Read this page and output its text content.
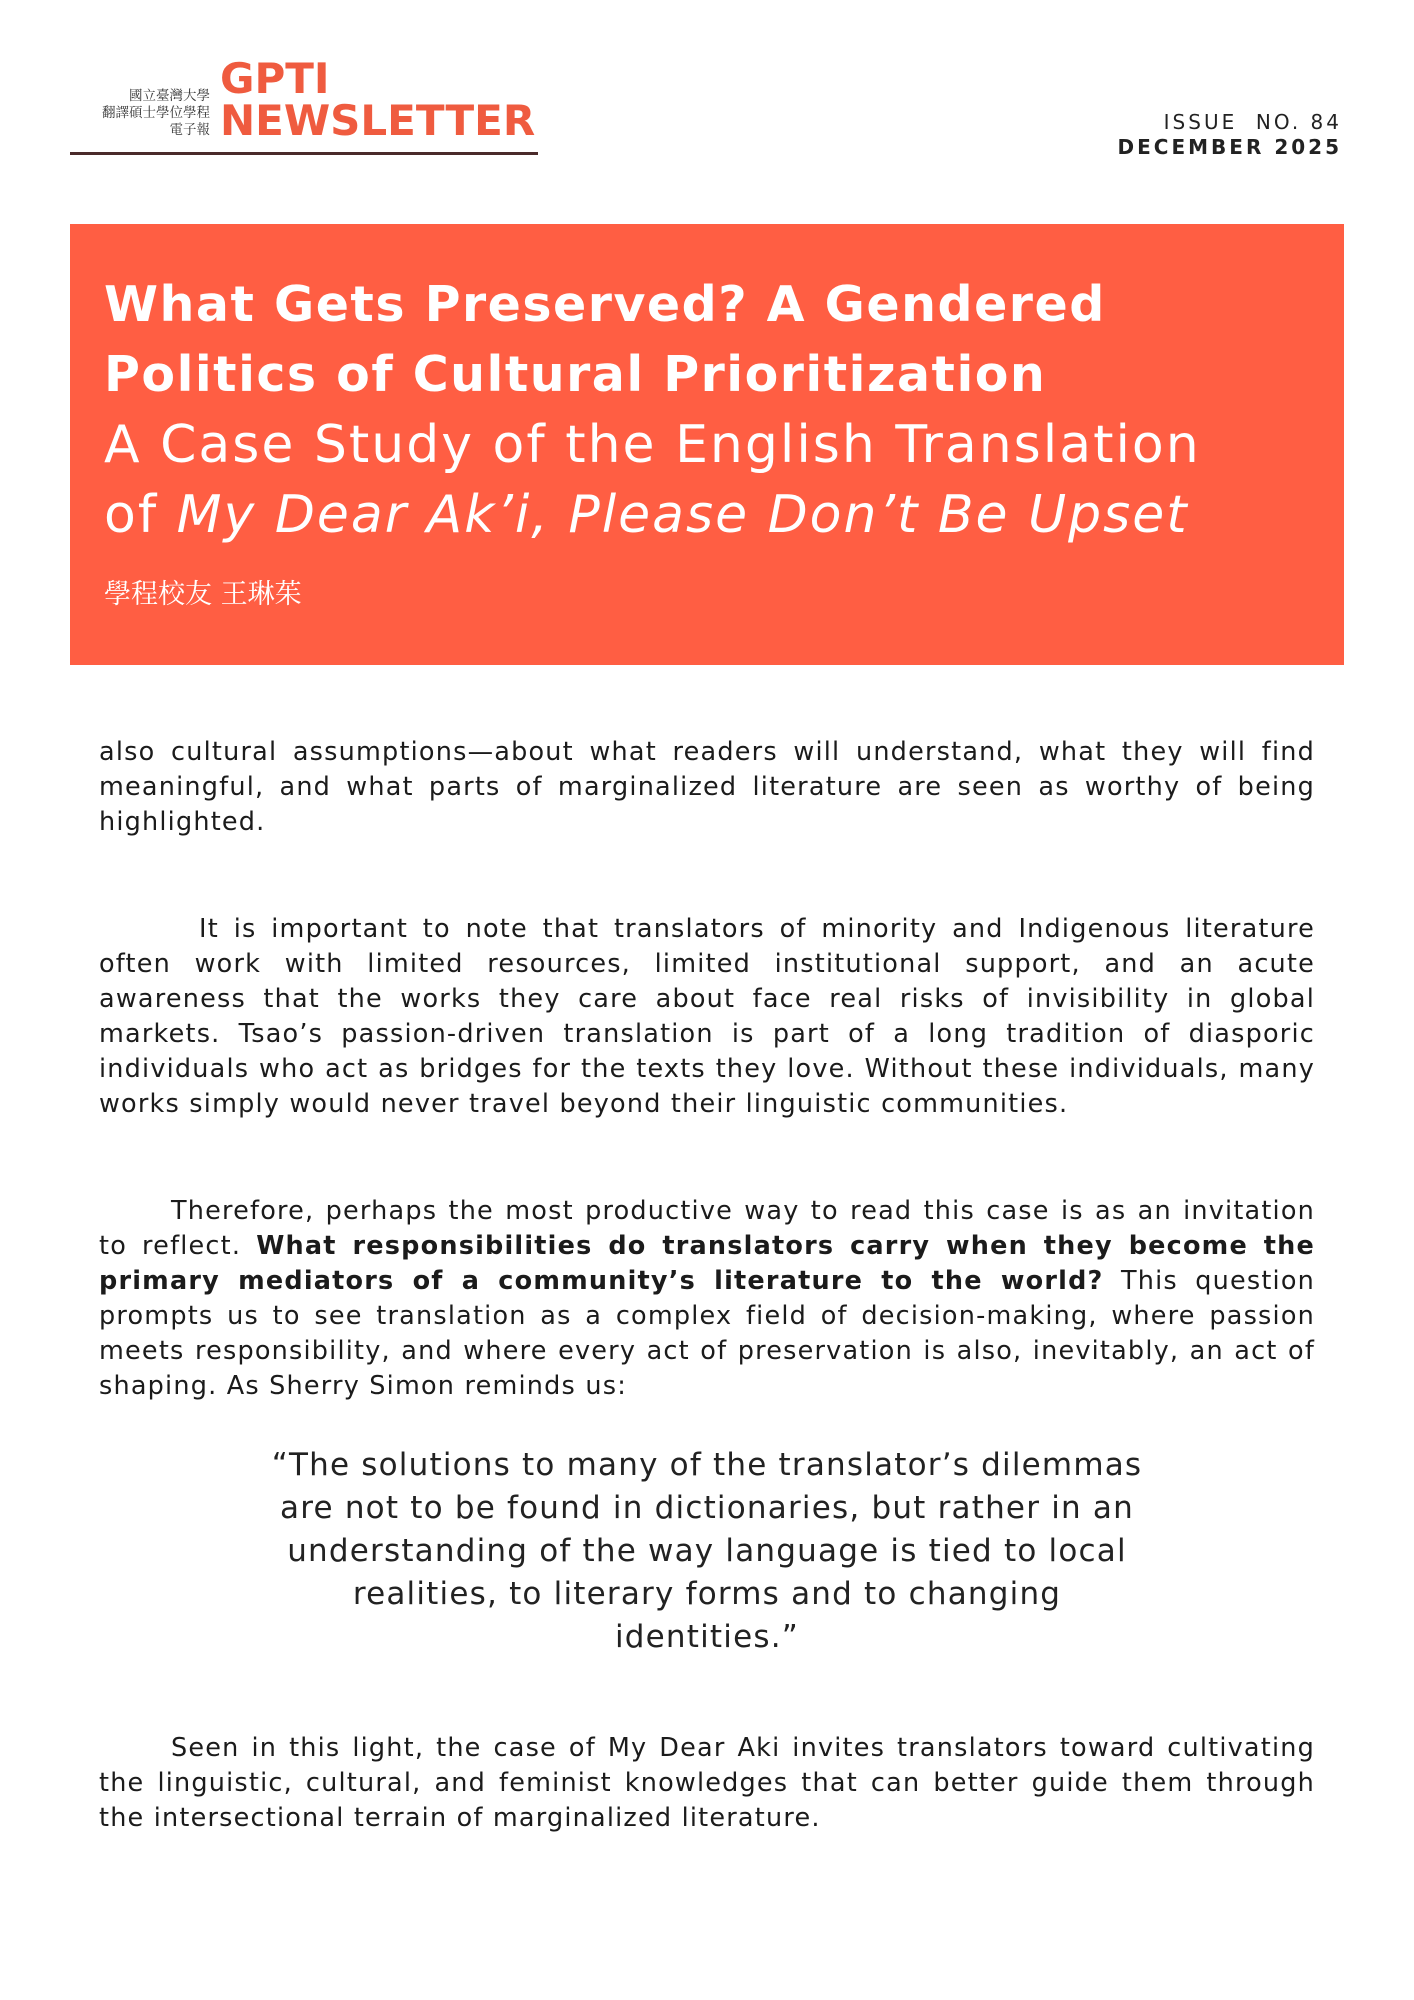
國立臺灣大學
翻譯碩士學位學程
電子報
GPTI
NEWSLETTER	ISSUE  NO. 84
DECEMBER 2025
What Gets Preserved? A Gendered
Politics of Cultural Prioritization
A Case Study of the English Translation
of My Dear Ak’i, Please Don’t Be Upset
學程校友 王琳茱

also cultural assumptions—about what readers will understand, what they will find meaningful, and what parts of marginalized literature are seen as worthy of being highlighted.

It is important to note that translators of minority and Indigenous literature often work with limited resources, limited institutional support, and an acute awareness that the works they care about face real risks of invisibility in global markets. Tsao’s passion-driven translation is part of a long tradition of diasporic individuals who act as bridges for the texts they love. Without these individuals, many works simply would never travel beyond their linguistic communities.

Therefore, perhaps the most productive way to read this case is as an invitation to reflect. What responsibilities do translators carry when they become the primary mediators of a community’s literature to the world? This question prompts us to see translation as a complex field of decision-making, where passion meets responsibility, and where every act of preservation is also, inevitably, an act of shaping. As Sherry Simon reminds us:

“The solutions to many of the translator’s dilemmas are not to be found in dictionaries, but rather in an understanding of the way language is tied to local realities, to literary forms and to changing identities.”

Seen in this light, the case of My Dear Aki invites translators toward cultivating the linguistic, cultural, and feminist knowledges that can better guide them through the intersectional terrain of marginalized literature.
